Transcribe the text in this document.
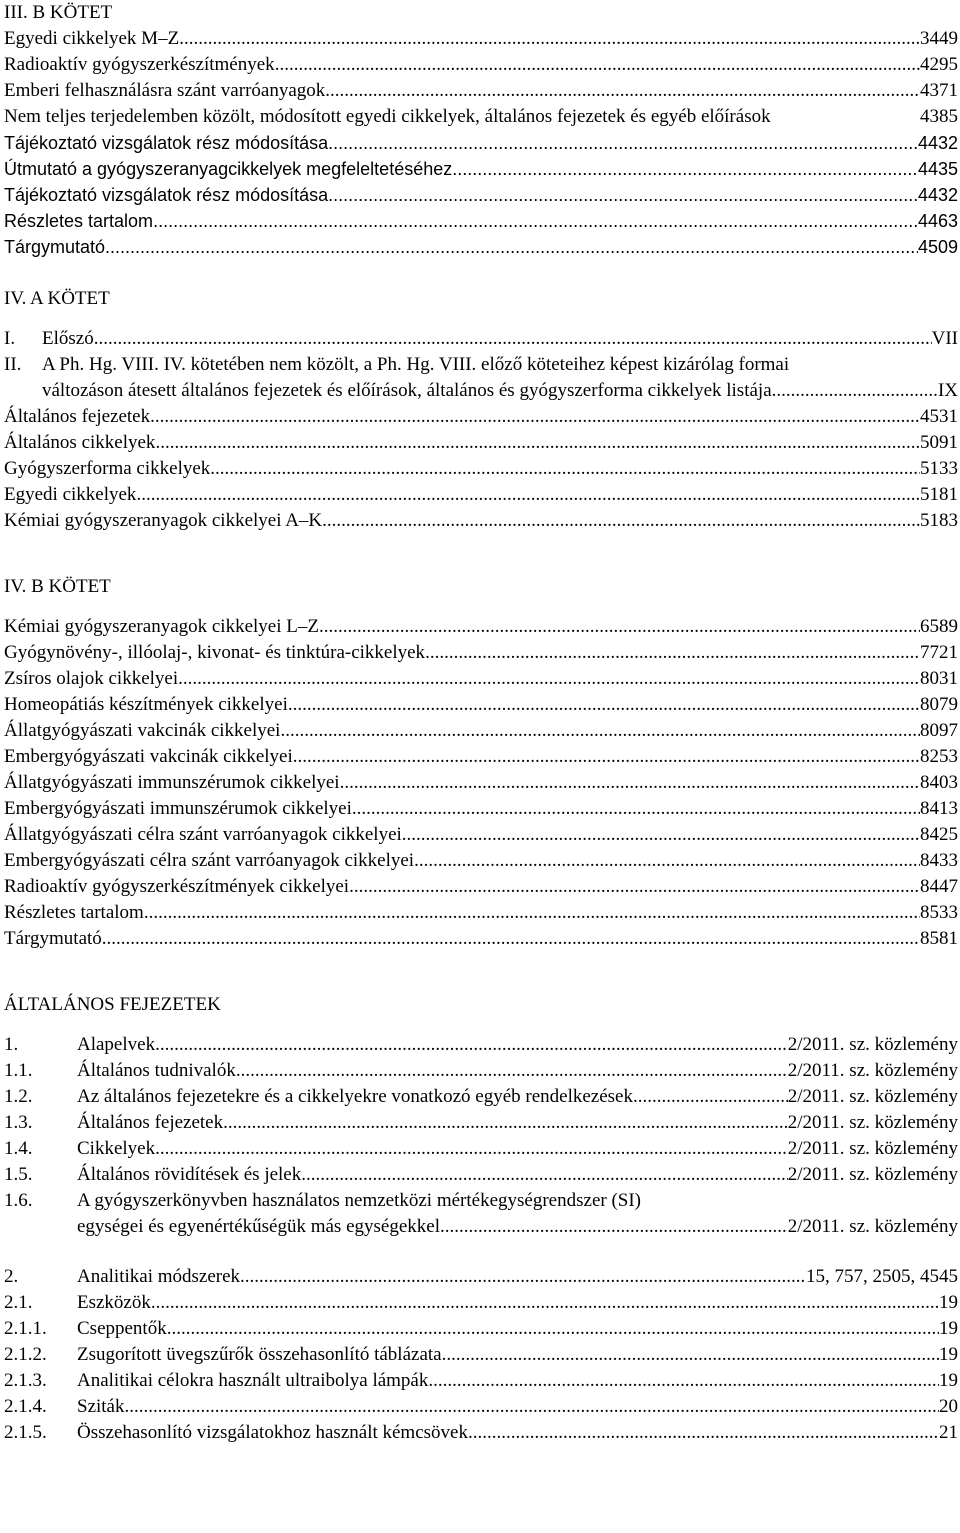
III. B KÖTET
Egyedi cikkelyek M–Z .....	3449
Radioaktív gyógyszerkészítmények .....	4295
Emberi felhasználásra szánt varróanyagok .....	4371
Nem teljes terjedelemben közölt, módosított egyedi cikkelyek, általános fejezetek és egyéb előírások	4385
Tájékoztató vizsgálatok rész módosítása .....	4432
Útmutató a gyógyszeranyagcikkelyek megfeleltetéséhez .....	4435
Tájékoztató vizsgálatok rész módosítása .....	4432
Részletes tartalom .....	4463
Tárgymutató .....	4509
IV. A KÖTET
I.	Előszó .....	VII
II.	A Ph. Hg. VIII. IV. kötetében nem közölt, a Ph. Hg. VIII. előző köteteihez képest kizárólag formai
változáson átesett általános fejezetek és előírások, általános és gyógyszerforma cikkelyek listája .....	IX
Általános fejezetek .....	4531
Általános cikkelyek .....	5091
Gyógyszerforma cikkelyek .....	5133
Egyedi cikkelyek .....	5181
Kémiai gyógyszeranyagok cikkelyei A–K .....	5183
IV. B KÖTET
Kémiai gyógyszeranyagok cikkelyei L–Z .....	6589
Gyógynövény-, illóolaj-, kivonat- és tinktúra-cikkelyek .....	7721
Zsíros olajok cikkelyei .....	8031
Homeopátiás készítmények cikkelyei .....	8079
Állatgyógyászati vakcinák cikkelyei .....	8097
Embergyógyászati vakcinák cikkelyei .....	8253
Állatgyógyászati immunszérumok cikkelyei .....	8403
Embergyógyászati immunszérumok cikkelyei .....	8413
Állatgyógyászati célra szánt varróanyagok cikkelyei .....	8425
Embergyógyászati célra szánt varróanyagok cikkelyei .....	8433
Radioaktív gyógyszerkészítmények cikkelyei .....	8447
Részletes tartalom .....	8533
Tárgymutató .....	8581
ÁLTALÁNOS FEJEZETEK
1.	Alapelvek .....	2/2011. sz. közlemény
1.1.	Általános tudnivalók .....	2/2011. sz. közlemény
1.2.	Az általános fejezetekre és a cikkelyekre vonatkozó egyéb rendelkezések .....	2/2011. sz. közlemény
1.3.	Általános fejezetek .....	2/2011. sz. közlemény
1.4.	Cikkelyek .....	2/2011. sz. közlemény
1.5.	Általános rövidítések és jelek .....	2/2011. sz. közlemény
1.6.	A gyógyszerkönyvben használatos nemzetközi mértékegységrendszer (SI)
egységei és egyenértékűségük más egységekkel .....	2/2011. sz. közlemény
2.	Analitikai módszerek .....	15, 757, 2505, 4545
2.1.	Eszközök .....	19
2.1.1.	Cseppentők .....	19
2.1.2.	Zsugorított üvegszűrők összehasonlító táblázata .....	19
2.1.3.	Analitikai célokra használt ultraibolya lámpák .....	19
2.1.4.	Sziták .....	20
2.1.5.	Összehasonlító vizsgálatokhoz használt kémcsövek .....	21
